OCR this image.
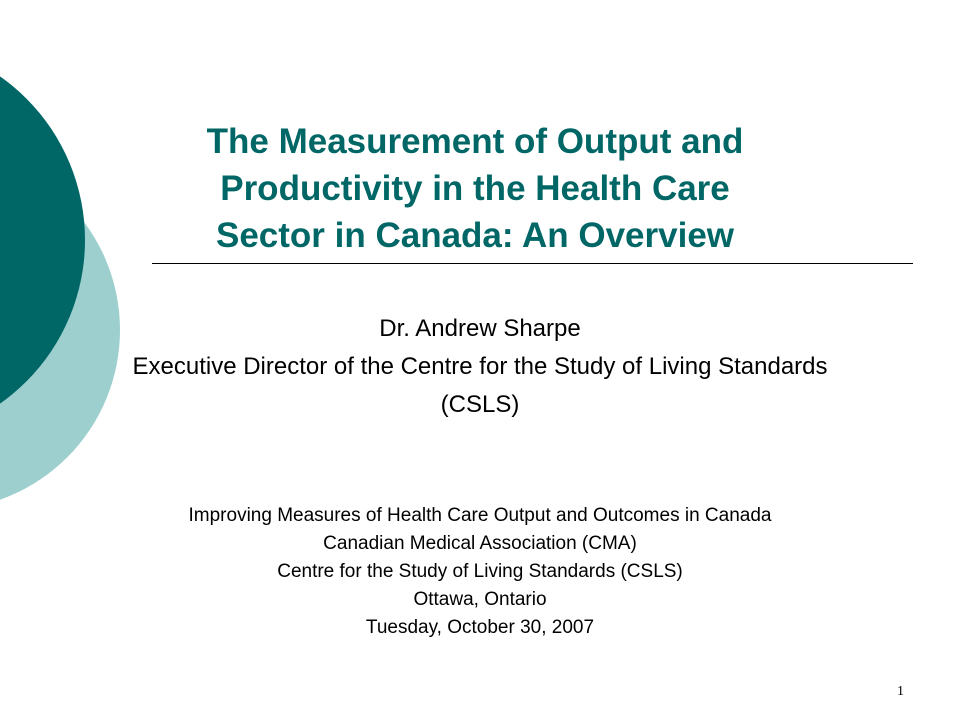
The Measurement of Output and
Productivity in the Health Care
Sector in Canada: An Overview
Dr. Andrew Sharpe
Executive Director of the Centre for the Study of Living Standards
(CSLS)
Improving Measures of Health Care Output and Outcomes in Canada
Canadian Medical Association (CMA)
Centre for the Study of Living Standards (CSLS)
Ottawa, Ontario
Tuesday, October 30, 2007
1
